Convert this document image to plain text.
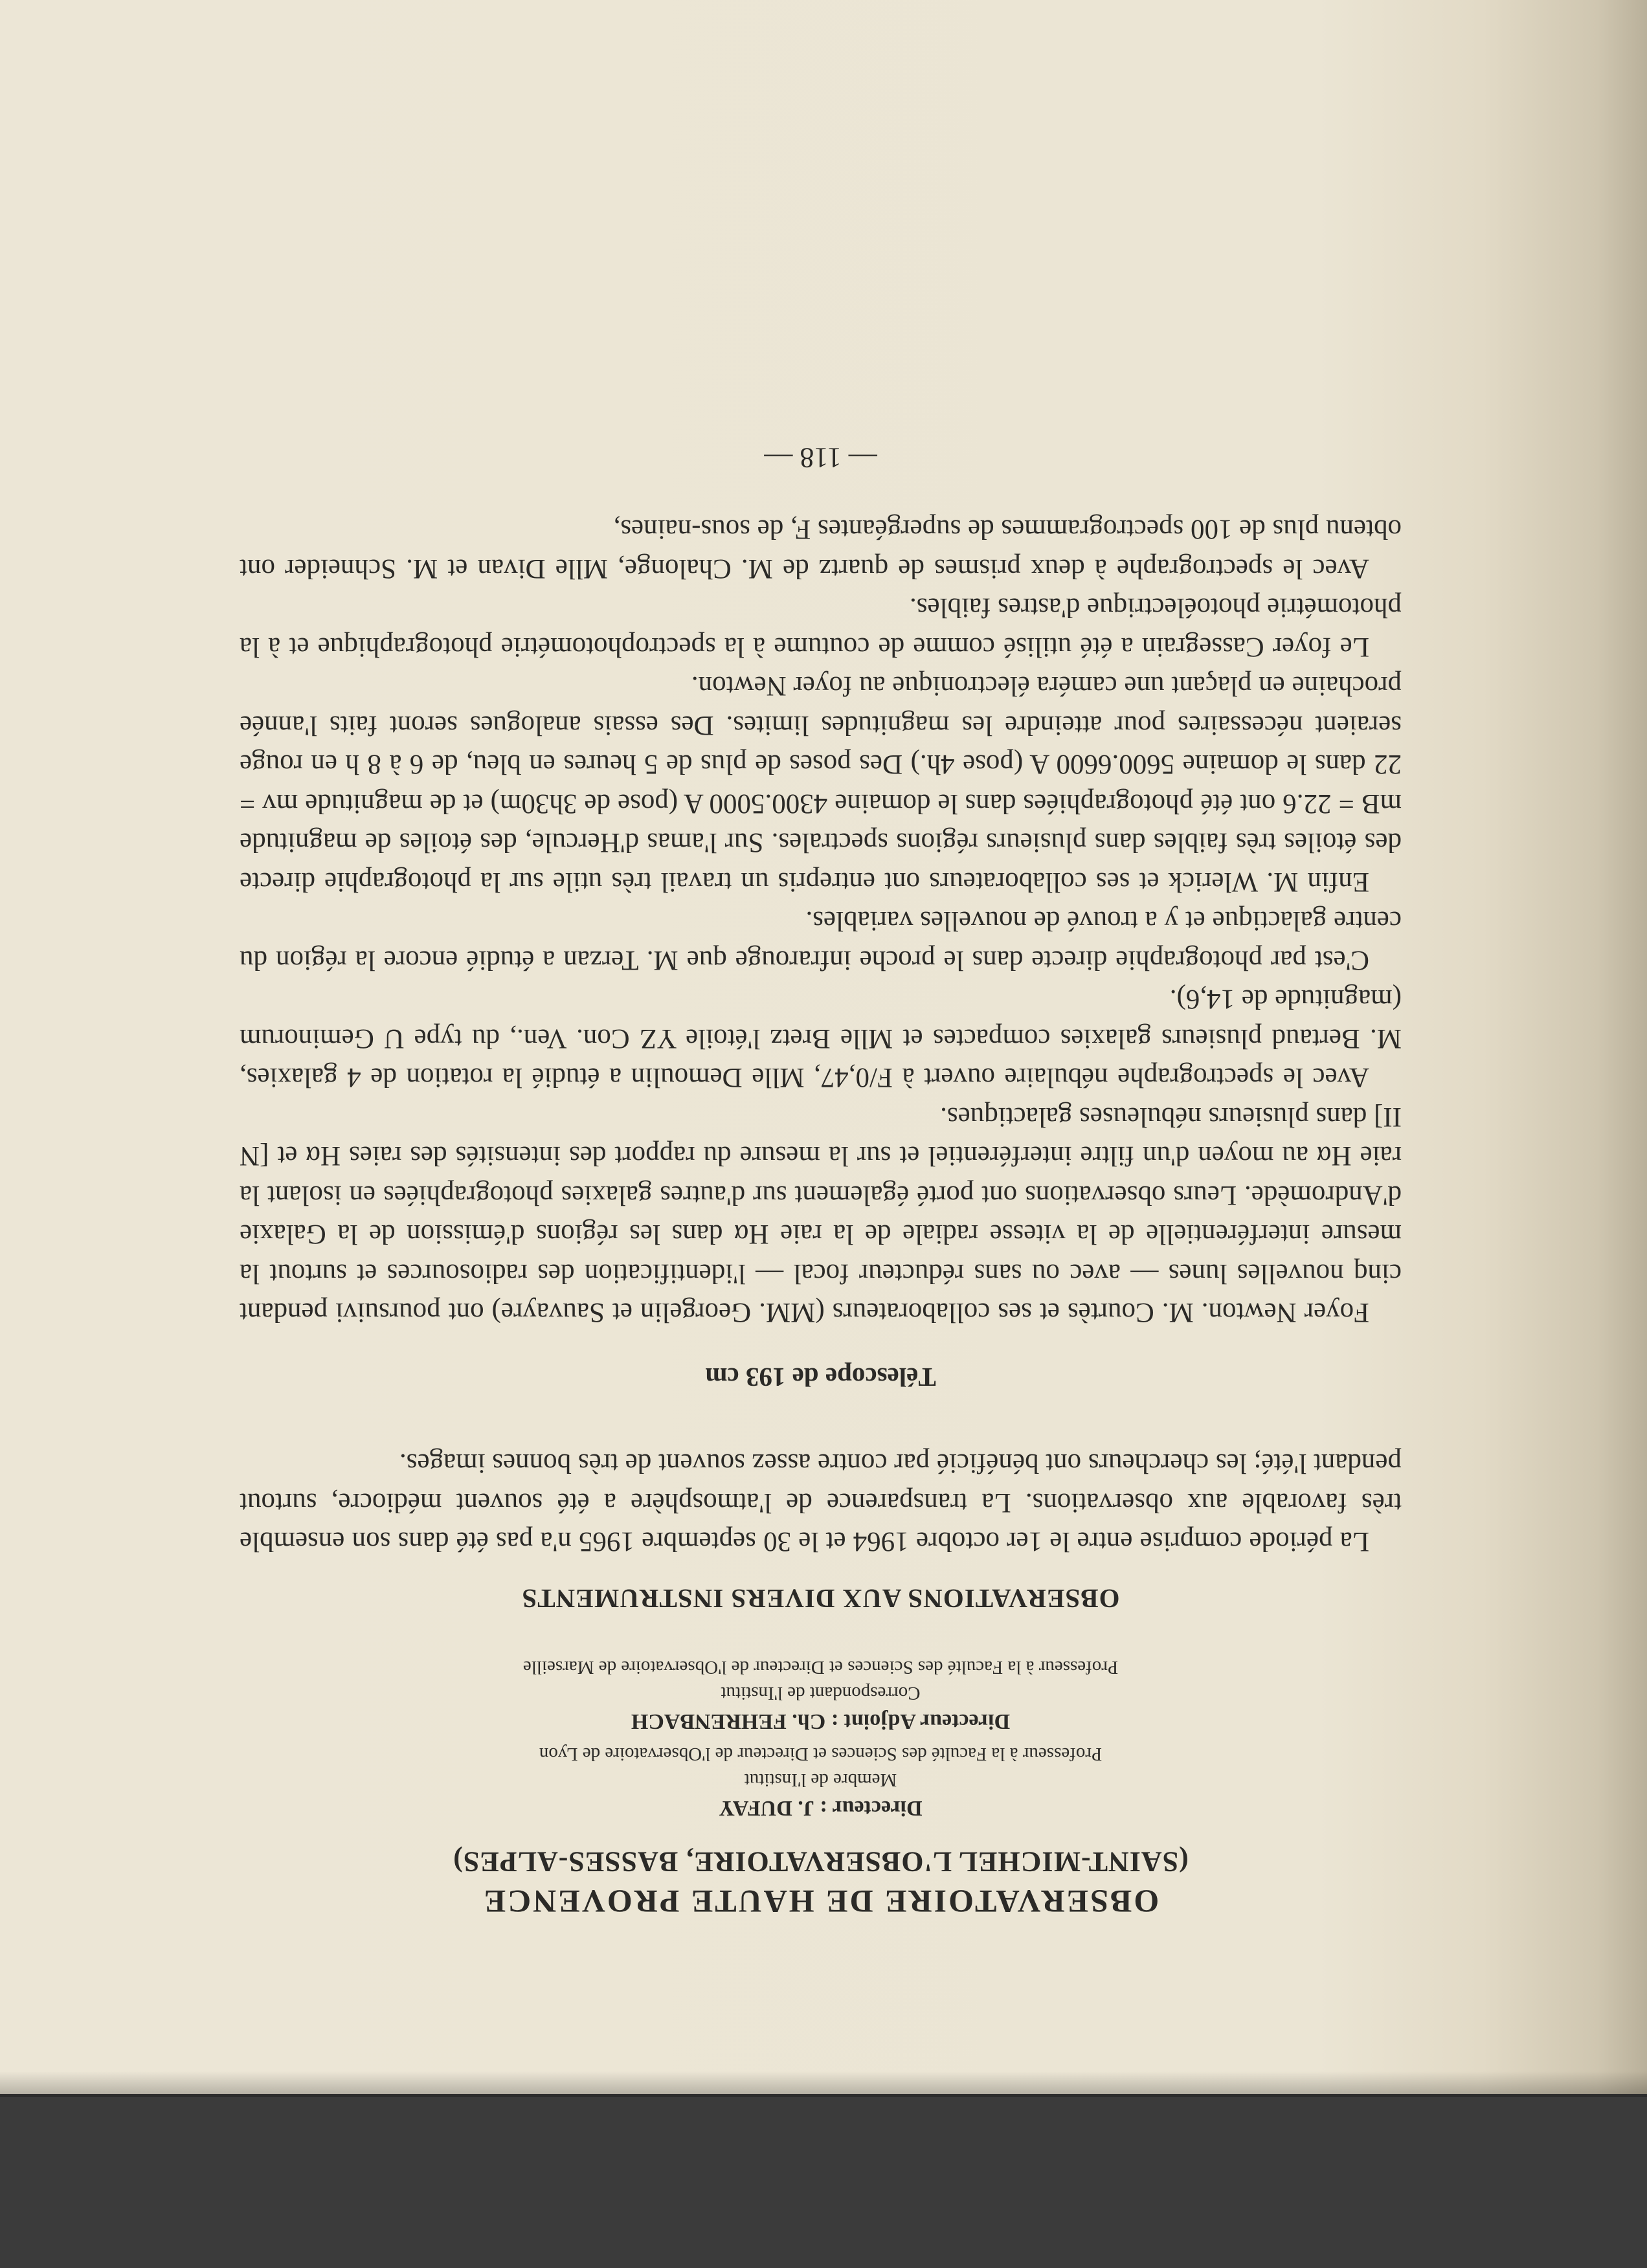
OBSERVATOIRE DE HAUTE PROVENCE
(SAINT-MICHEL L'OBSERVATOIRE, BASSES-ALPES)
Directeur : J. DUFAY
Membre de l'Institut
Professeur à la Faculté des Sciences et Directeur de l'Observatoire de Lyon
Directeur Adjoint : Ch. FEHRENBACH
Correspondant de l'Institut
Professeur à la Faculté des Sciences et Directeur de l'Observatoire de Marseille
OBSERVATIONS AUX DIVERS INSTRUMENTS

La période comprise entre le 1er octobre 1964 et le 30 septembre 1965 n'a pas été dans son ensemble très favorable aux observations. La transparence de l'atmosphère a été souvent médiocre, surtout pendant l'été; les chercheurs ont bénéficié par contre assez souvent de très bonnes images.

Télescope de 193 cm

Foyer Newton. M. Courtès et ses collaborateurs (MM. Georgelin et Sauvayre) ont poursuivi pendant cinq nouvelles lunes — avec ou sans réducteur focal — l'identification des radiosources et surtout la mesure interférentielle de la vitesse radiale de la raie Hα dans les régions d'émission de la Galaxie d'Andromède. Leurs observations ont porté également sur d'autres galaxies photographiées en isolant la raie Hα au moyen d'un filtre interférentiel et sur la mesure du rapport des intensités des raies Hα et [N II] dans plusieurs nébuleuses galactiques.

Avec le spectrographe nébulaire ouvert à F/0,47, Mlle Demoulin a étudié la rotation de 4 galaxies, M. Bertaud plusieurs galaxies compactes et Mlle Bretz l'étoile YZ Con. Ven., du type U Geminorum (magnitude de 14,6).

C'est par photographie directe dans le proche infrarouge que M. Terzan a étudié encore la région du centre galactique et y a trouvé de nouvelles variables.

Enfin M. Wlerick et ses collaborateurs ont entrepris un travail très utile sur la photographie directe des étoiles très faibles dans plusieurs régions spectrales. Sur l'amas d'Hercule, des étoiles de magnitude mB = 22.6 ont été photographiées dans le domaine 4300.5000 A (pose de 3h30m) et de magnitude mv = 22 dans le domaine 5600.6600 A (pose 4h.) Des poses de plus de 5 heures en bleu, de 6 à 8 h en rouge seraient nécessaires pour atteindre les magnitudes limites. Des essais analogues seront faits l'année prochaine en plaçant une caméra électronique au foyer Newton.

Le foyer Cassegrain a été utilisé comme de coutume à la spectrophotométrie photographique et à la photométrie photoélectrique d'astres faibles.

Avec le spectrographe à deux prismes de quartz de M. Chalonge, Mlle Divan et M. Schneider ont obtenu plus de 100 spectrogrammes de supergéantes F, de sous-naines,

— 118 —
